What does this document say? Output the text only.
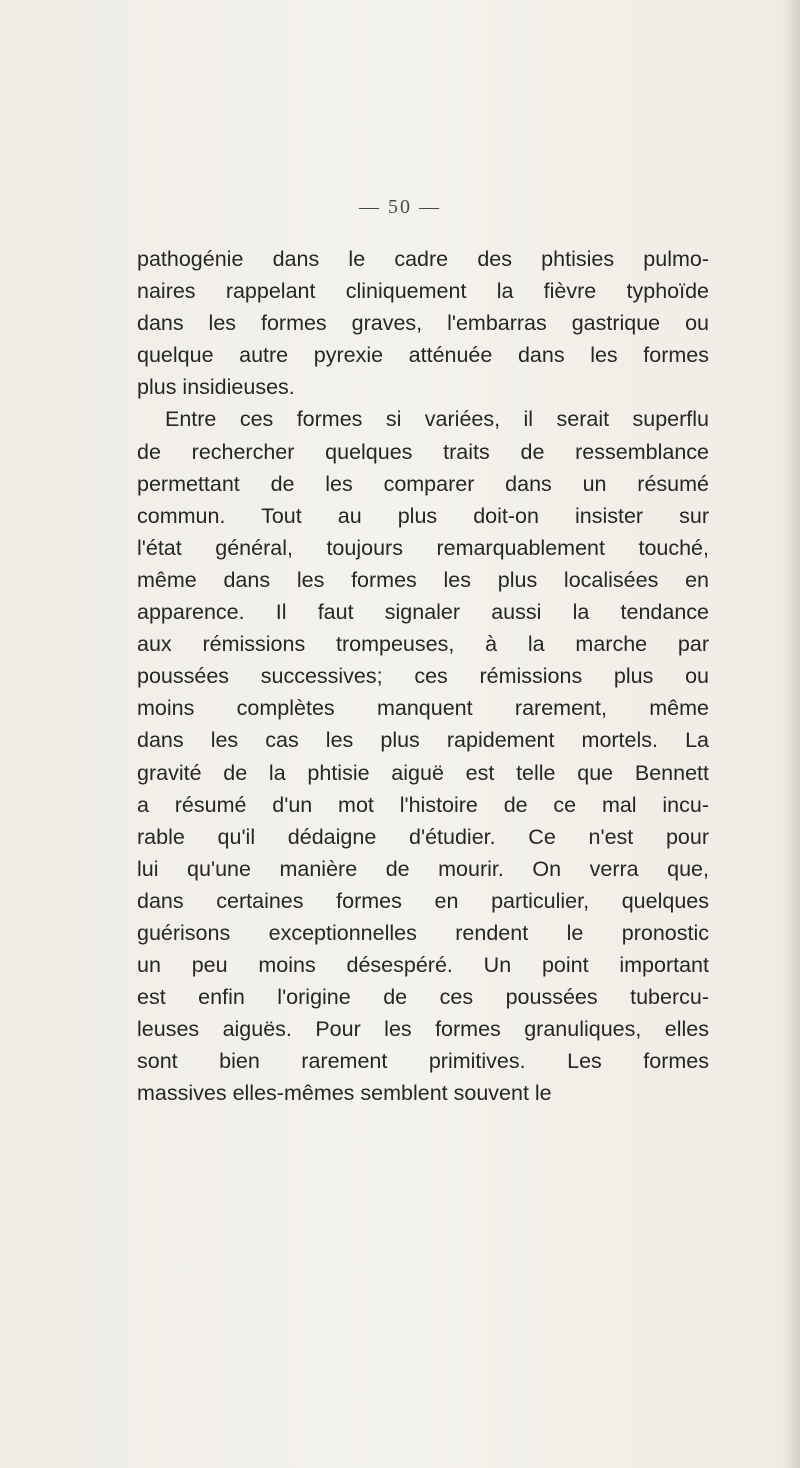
— 50 —
pathogénie dans le cadre des phtisies pulmo-
naires rappelant cliniquement la fièvre typhoïde
dans les formes graves, l'embarras gastrique ou
quelque autre pyrexie atténuée dans les formes
plus insidieuses.
Entre ces formes si variées, il serait superflu
de rechercher quelques traits de ressemblance
permettant de les comparer dans un résumé
commun. Tout au plus doit-on insister sur
l'état général, toujours remarquablement touché,
même dans les formes les plus localisées en
apparence. Il faut signaler aussi la tendance
aux rémissions trompeuses, à la marche par
poussées successives; ces rémissions plus ou
moins complètes manquent rarement, même
dans les cas les plus rapidement mortels. La
gravité de la phtisie aiguë est telle que Bennett
a résumé d'un mot l'histoire de ce mal incu-
rable qu'il dédaigne d'étudier. Ce n'est pour
lui qu'une manière de mourir. On verra que,
dans certaines formes en particulier, quelques
guérisons exceptionnelles rendent le pronostic
un peu moins désespéré. Un point important
est enfin l'origine de ces poussées tubercu-
leuses aiguës. Pour les formes granuliques, elles
sont bien rarement primitives. Les formes
massives elles-mêmes semblent souvent le
